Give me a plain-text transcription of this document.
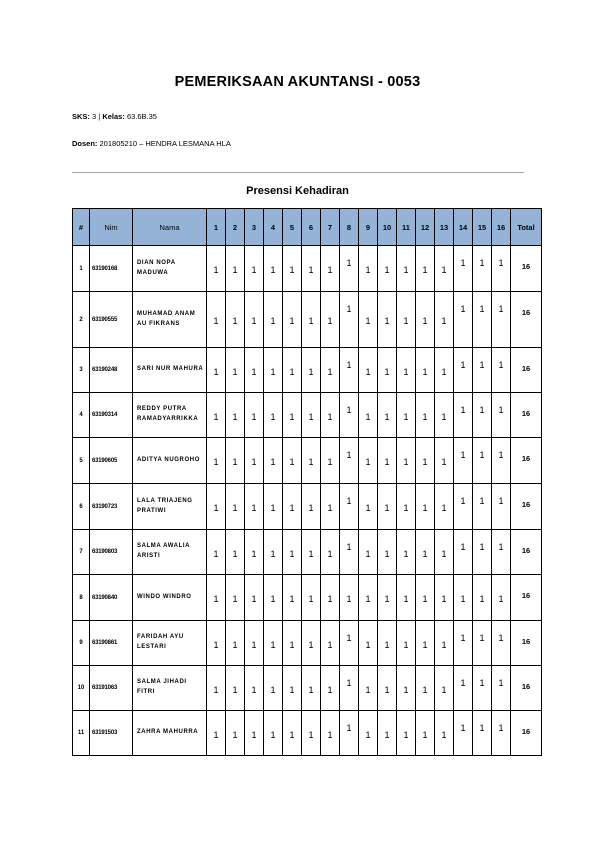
PEMERIKSAAN AKUNTANSI - 0053
SKS: 3 | Kelas: 63.6B.35
Dosen: 201805210 – HENDRA LESMANA HLA
Presensi Kehadiran
#	Nim	Nama	1	2	3	4	5	6	7	8	9	10	11	12	13	14	15	16	Total
1	63190168	DIAN NOPA MADUWA	1	1	1	1	1	1	1	1	1	1	1	1	1	1	1	1	16
2	63190555	MUHAMAD ANAM AU FIKRANS	1	1	1	1	1	1	1	1	1	1	1	1	1	1	1	1	16
3	63190248	SARI NUR MAHURA	1	1	1	1	1	1	1	1	1	1	1	1	1	1	1	1	16
4	63190314	REDDY PUTRA RAMADYARRIKKA	1	1	1	1	1	1	1	1	1	1	1	1	1	1	1	1	16
5	63190605	ADITYA NUGROHO	1	1	1	1	1	1	1	1	1	1	1	1	1	1	1	1	16
6	63190723	LALA TRIAJENG PRATIWI	1	1	1	1	1	1	1	1	1	1	1	1	1	1	1	1	16
7	63190803	SALMA AWALIA ARISTI	1	1	1	1	1	1	1	1	1	1	1	1	1	1	1	1	16
8	63190840	WINDO WINDRO	1	1	1	1	1	1	1	1	1	1	1	1	1	1	1	1	16
9	63190861	FARIDAH AYU LESTARI	1	1	1	1	1	1	1	1	1	1	1	1	1	1	1	1	16
10	63191063	SALMA JIHADI FITRI	1	1	1	1	1	1	1	1	1	1	1	1	1	1	1	1	16
11	63191503	ZAHRA MAHURRA	1	1	1	1	1	1	1	1	1	1	1	1	1	1	1	1	16
